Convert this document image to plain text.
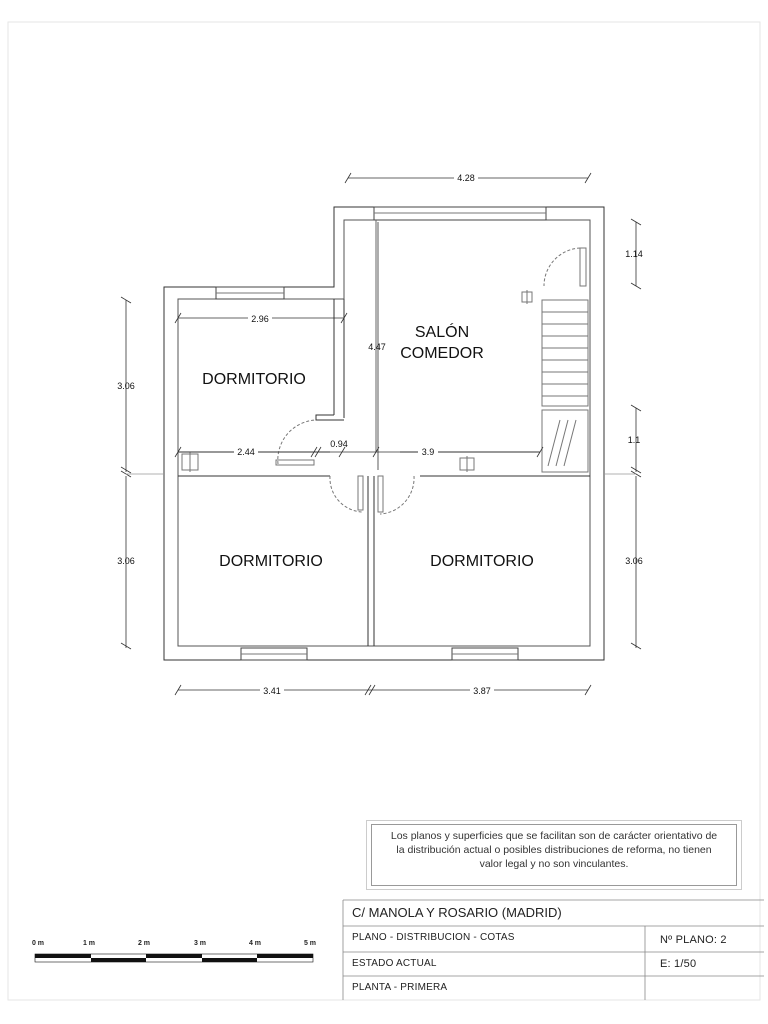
4.28
1.14
2.96
4.47
3.06
2.44
0.94
3.9
1.1
3.06	3.06
3.41	3.87
SALÓN
COMEDOR
DORMITORIO
DORMITORIO	DORMITORIO
0 m	1 m	2 m	3 m	4 m	5 m
Los planos y superficies que se facilitan son de carácter orientativo de
la distribución actual o posibles distribuciones de reforma, no tienen
valor legal y no son vinculantes.
C/ MANOLA Y ROSARIO (MADRID)
PLANO - DISTRIBUCION - COTAS	Nº PLANO: 2
ESTADO ACTUAL	E: 1/50
PLANTA - PRIMERA
